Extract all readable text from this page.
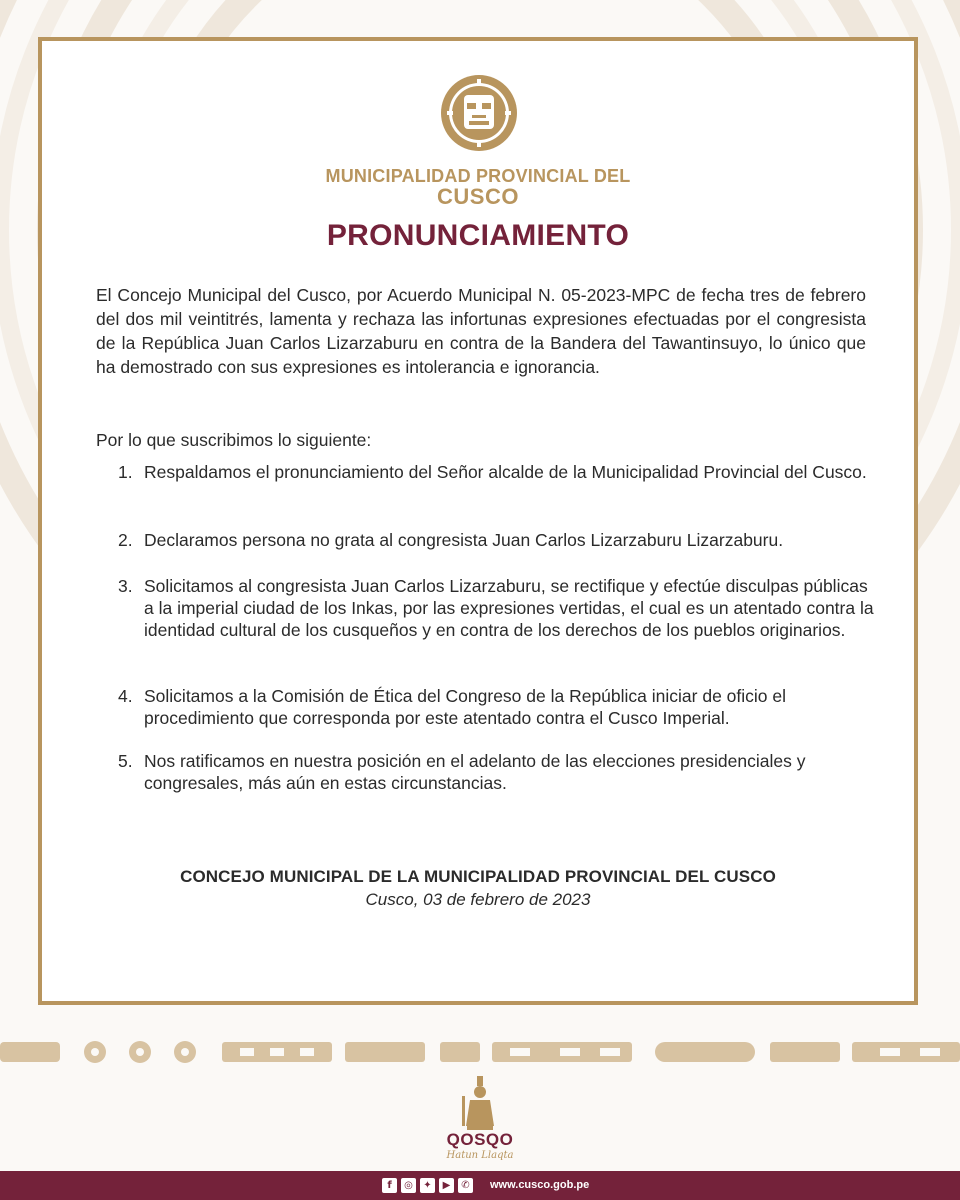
MUNICIPALIDAD PROVINCIAL DEL
CUSCO
PRONUNCIAMIENTO
El Concejo Municipal del Cusco, por Acuerdo Municipal N. 05-2023-MPC de fecha tres de febrero del dos mil veintitrés, lamenta y rechaza las infortunas expresiones efectuadas por el congresista de la República Juan Carlos Lizarzaburu en contra de la Bandera del Tawantinsuyo, lo único que ha demostrado con sus expresiones es intolerancia e ignorancia.
Por lo que suscribimos lo siguiente:
1. Respaldamos el pronunciamiento del Señor alcalde de la Municipalidad Provincial del Cusco.
2. Declaramos persona no grata al congresista Juan Carlos Lizarzaburu Lizarzaburu.
3. Solicitamos al congresista Juan Carlos Lizarzaburu, se rectifique y efectúe disculpas públicas a la imperial ciudad de los Inkas, por las expresiones vertidas, el cual es un atentado contra la identidad cultural de los cusqueños y en contra de los derechos de los pueblos originarios.
4. Solicitamos a la Comisión de Ética del Congreso de la República iniciar de oficio el procedimiento que corresponda por este atentado contra el Cusco Imperial.
5. Nos ratificamos en nuestra posición en el adelanto de las elecciones presidenciales y congresales, más aún en estas circunstancias.
CONCEJO MUNICIPAL DE LA MUNICIPALIDAD PROVINCIAL DEL CUSCO
Cusco, 03 de febrero de 2023
QOSQO
Hatun Llaqta
f	◎	✦	▶	✆	www.cusco.gob.pe
